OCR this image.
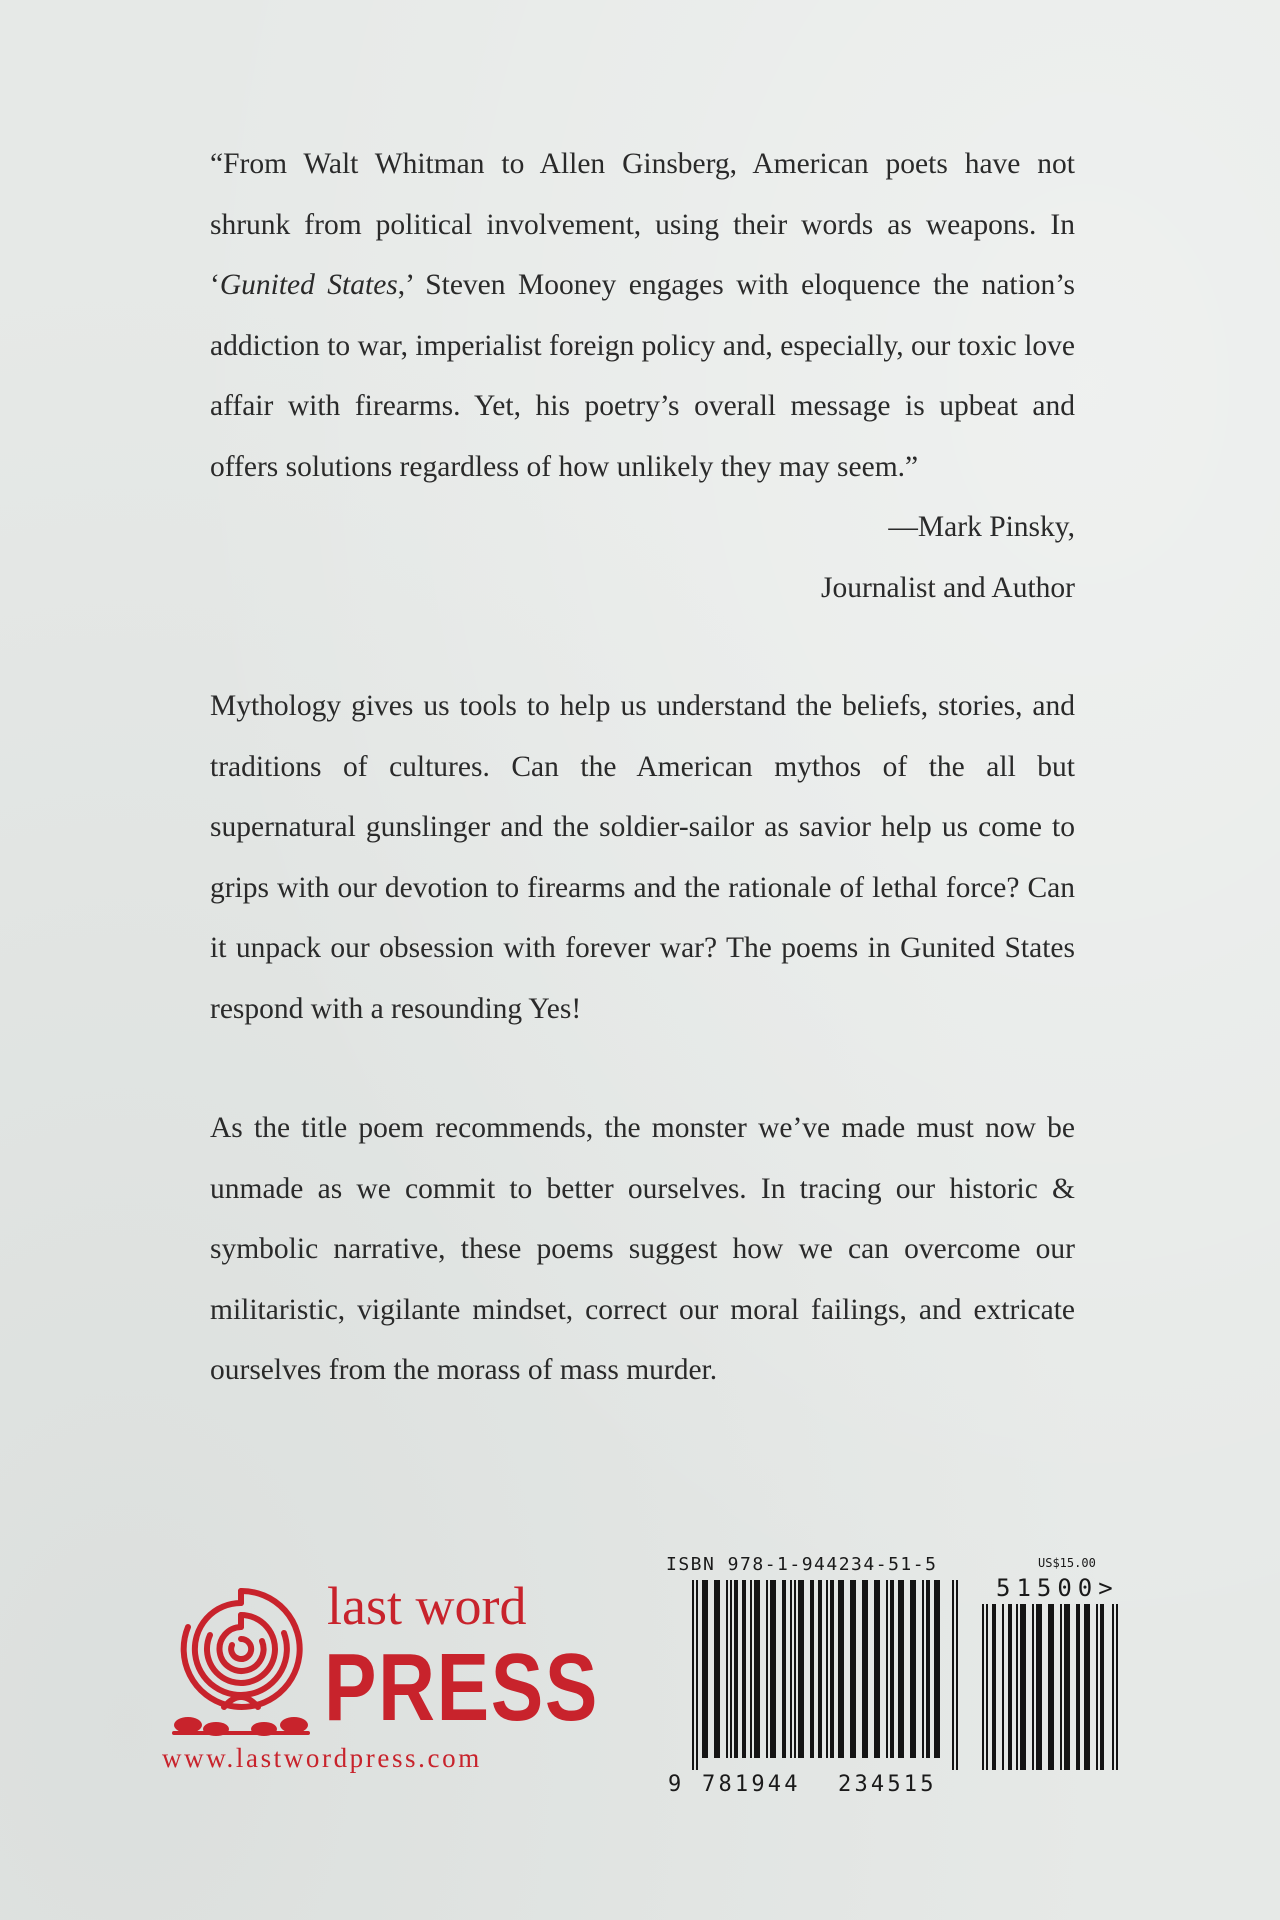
“From Walt Whitman to Allen Ginsberg, American poets have not shrunk from political involvement, using their words as weapons. In ‘Gunited States,’ Steven Mooney engages with eloquence the nation’s addiction to war, imperialist foreign policy and, especially, our toxic love affair with firearms. Yet, his poetry’s overall message is upbeat and offers solutions regardless of how unlikely they may seem.”
—Mark Pinsky,
Journalist and Author
Mythology gives us tools to help us understand the beliefs, stories, and traditions of cultures. Can the American mythos of the all but supernatural gunslinger and the soldier-sailor as savior help us come to grips with our devotion to firearms and the rationale of lethal force? Can it unpack our obsession with forever war? The poems in Gunited States respond with a resounding Yes!
As the title poem recommends, the monster we’ve made must now be unmade as we commit to better ourselves. In tracing our historic & symbolic narrative, these poems suggest how we can overcome our militaristic, vigilante mindset, correct our moral failings, and extricate ourselves from the morass of mass murder.
last word
PRESS
www.lastwordpress.com
ISBN 978-1-944234-51-5	US$15.00
51500>
9 781944 234515
